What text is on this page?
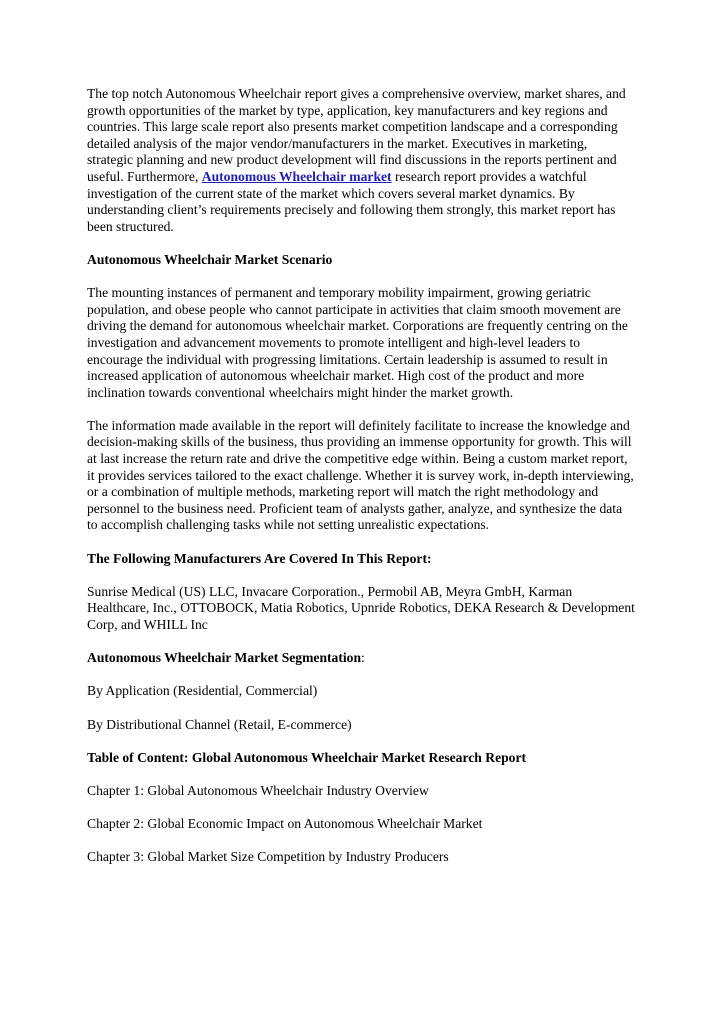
The top notch Autonomous Wheelchair report gives a comprehensive overview, market shares, and growth opportunities of the market by type, application, key manufacturers and key regions and countries. This large scale report also presents market competition landscape and a corresponding detailed analysis of the major vendor/manufacturers in the market. Executives in marketing, strategic planning and new product development will find discussions in the reports pertinent and useful. Furthermore, Autonomous Wheelchair market research report provides a watchful investigation of the current state of the market which covers several market dynamics. By understanding client’s requirements precisely and following them strongly, this market report has been structured.

Autonomous Wheelchair Market Scenario

The mounting instances of permanent and temporary mobility impairment, growing geriatric population, and obese people who cannot participate in activities that claim smooth movement are driving the demand for autonomous wheelchair market. Corporations are frequently centring on the investigation and advancement movements to promote intelligent and high-level leaders to encourage the individual with progressing limitations. Certain leadership is assumed to result in increased application of autonomous wheelchair market. High cost of the product and more inclination towards conventional wheelchairs might hinder the market growth.

The information made available in the report will definitely facilitate to increase the knowledge and decision-making skills of the business, thus providing an immense opportunity for growth. This will at last increase the return rate and drive the competitive edge within. Being a custom market report, it provides services tailored to the exact challenge. Whether it is survey work, in-depth interviewing, or a combination of multiple methods, marketing report will match the right methodology and personnel to the business need. Proficient team of analysts gather, analyze, and synthesize the data to accomplish challenging tasks while not setting unrealistic expectations.

The Following Manufacturers Are Covered In This Report:

Sunrise Medical (US) LLC, Invacare Corporation., Permobil AB, Meyra GmbH, Karman Healthcare, Inc., OTTOBOCK, Matia Robotics, Upnride Robotics, DEKA Research & Development Corp, and WHILL Inc

Autonomous Wheelchair Market Segmentation:

By Application (Residential, Commercial)

By Distributional Channel (Retail, E-commerce)

Table of Content: Global Autonomous Wheelchair Market Research Report

Chapter 1: Global Autonomous Wheelchair Industry Overview

Chapter 2: Global Economic Impact on Autonomous Wheelchair Market

Chapter 3: Global Market Size Competition by Industry Producers
